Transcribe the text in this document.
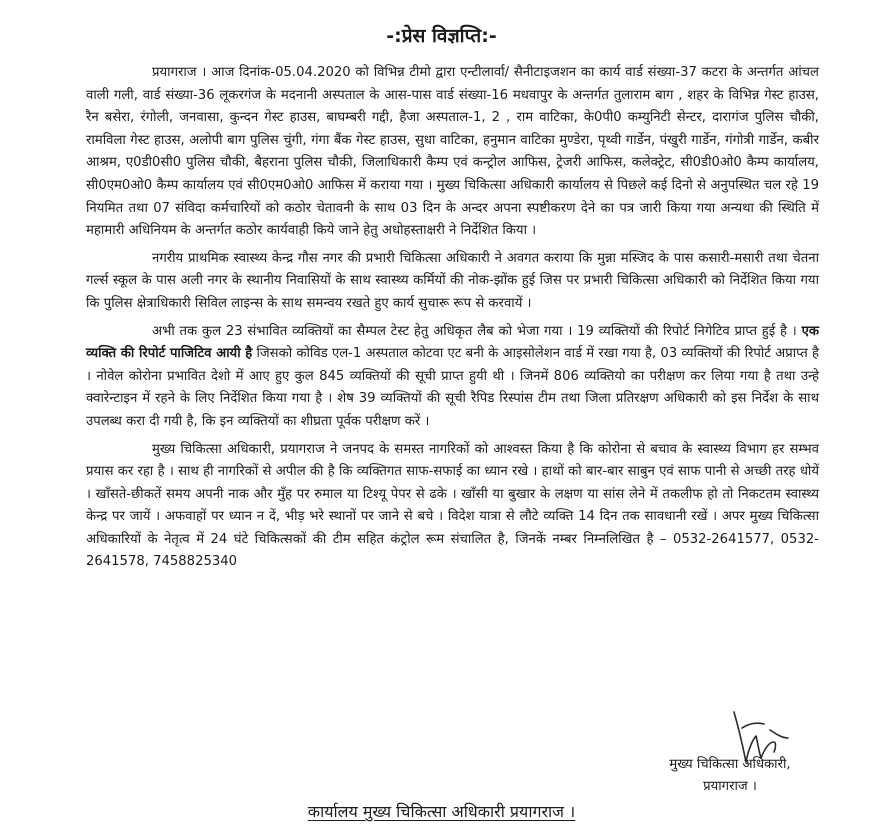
-:प्रेस विज्ञप्ति:-

प्रयागराज । आज दिनांक-05.04.2020 को विभिन्न टीमो द्वारा एन्टीलार्वा/ सैनीटाइजशन का कार्य वार्ड संख्या-37 कटरा के अन्तर्गत आंचल वाली गली, वार्ड संख्या-36 लूकरगंज के मदनानी अस्पताल के आस-पास वार्ड संख्या-16 मधवापुर के अन्तर्गत तुलाराम बाग , शहर के विभिन्न गेस्ट हाउस, रैन बसेरा, रंगोली, जनवासा, कुन्दन गेस्ट हाउस, बाघम्बरी गद्दी, हैजा अस्पताल-1, 2 , राम वाटिका, के0पी0 कम्युनिटी सेन्टर, दारागंज पुलिस चौकी, रामविला गेस्ट हाउस, अलोपी बाग पुलिस चुंगी, गंगा बैंक गेस्ट हाउस, सुधा वाटिका, हनुमान वाटिका मुण्डेरा, पृथ्वी गार्डेन, पंखुरी गार्डेन, गंगोत्री गार्डेन, कबीर आश्रम, ए0डी0सी0 पुलिस चौकी, बैहराना पुलिस चौकी, जिलाधिकारी कैम्प एवं कन्ट्रोल आफिस, ट्रेजरी आफिस, कलेक्ट्रेट, सी0डी0ओ0 कैम्प कार्यालय, सी0एम0ओ0 कैम्प कार्यालय एवं सी0एम0ओ0 आफिस में कराया गया । मुख्य चिकित्सा अधिकारी कार्यालय से पिछले कई दिनो से अनुपस्थित चल रहे 19 नियमित तथा 07 संविदा कर्मचारियों को कठोर चेतावनी के साथ 03 दिन के अन्दर अपना स्पष्टीकरण देने का पत्र जारी किया गया अन्यथा की स्थिति में महामारी अधिनियम के अन्तर्गत कठोर कार्यवाही किये जाने हेतु अधोहस्ताक्षरी ने निर्देशित किया ।

नगरीय प्राथमिक स्वास्थ्य केन्द्र गौस नगर की प्रभारी चिकित्सा अधिकारी ने अवगत कराया कि मुन्ना मस्जिद के पास कसारी-मसारी तथा चेतना गर्ल्स स्कूल के पास अली नगर के स्थानीय निवासियों के साथ स्वास्थ्य कर्मियों की नोक-झोंक हुई जिस पर प्रभारी चिकित्सा अधिकारी को निर्देशित किया गया कि पुलिस क्षेत्राधिकारी सिविल लाइन्स के साथ समन्वय रखते हुए कार्य सुचारू रूप से करवायें ।

अभी तक कुल 23 संभावित व्यक्तियों का सैम्पल टेस्ट हेतु अधिकृत लैब को भेजा गया । 19 व्यक्तियों की रिपोर्ट निगेटिव प्राप्त हुई है । एक व्यक्ति की रिपोर्ट पाजिटिव आयी है जिसको कोविड एल-1 अस्पताल कोटवा एट बनी के आइसोलेशन वार्ड में रखा गया है, 03 व्यक्तियों की रिपोर्ट अप्राप्त है । नोवेल कोरोना प्रभावित देशो में आए हुए कुल 845 व्यक्तियों की सूची प्राप्त हुयी थी । जिनमें 806 व्यक्तियो का परीक्षण कर लिया गया है तथा उन्हे क्वारेन्टाइन में रहने के लिए निर्देशित किया गया है । शेष 39 व्यक्तियों की सूची रैपिड रिस्पांस टीम तथा जिला प्रतिरक्षण अधिकारी को इस निर्देश के साथ उपलब्ध करा दी गयी है, कि इन व्यक्तियों का शीघ्रता पूर्वक परीक्षण करें ।

मुख्य चिकित्सा अधिकारी, प्रयागराज ने जनपद के समस्त नागरिकों को आश्वस्त किया है कि कोरोना से बचाव के स्वास्थ्य विभाग हर सम्भव प्रयास कर रहा है । साथ ही नागरिकों से अपील की है कि व्यक्तिगत साफ-सफाई का ध्यान रखे । हाथों को बार-बार साबुन एवं साफ पानी से अच्छी तरह धोयें । खाँसते-छीकतें समय अपनी नाक और मुँह पर रुमाल या टिश्यू पेपर से ढके । खाँसी या बुखार के लक्षण या सांस लेने में तकलीफ हो तो निकटतम स्वास्थ्य केन्द्र पर जायें । अफवाहों पर ध्यान न दें, भीड़ भरे स्थानों पर जाने से बचे । विदेश यात्रा से लौटे व्यक्ति 14 दिन तक सावधानी रखें । अपर मुख्य चिकित्सा अधिकारियों के नेतृत्व में 24 घंटे चिकित्सकों की टीम सहित कंट्रोल रूम संचालित है, जिनकें नम्बर निम्नलिखित है – 0532-2641577, 0532-2641578, 7458825340

मुख्य चिकित्सा अधिकारी,
प्रयागराज ।
कार्यालय मुख्य चिकित्सा अधिकारी प्रयागराज ।
